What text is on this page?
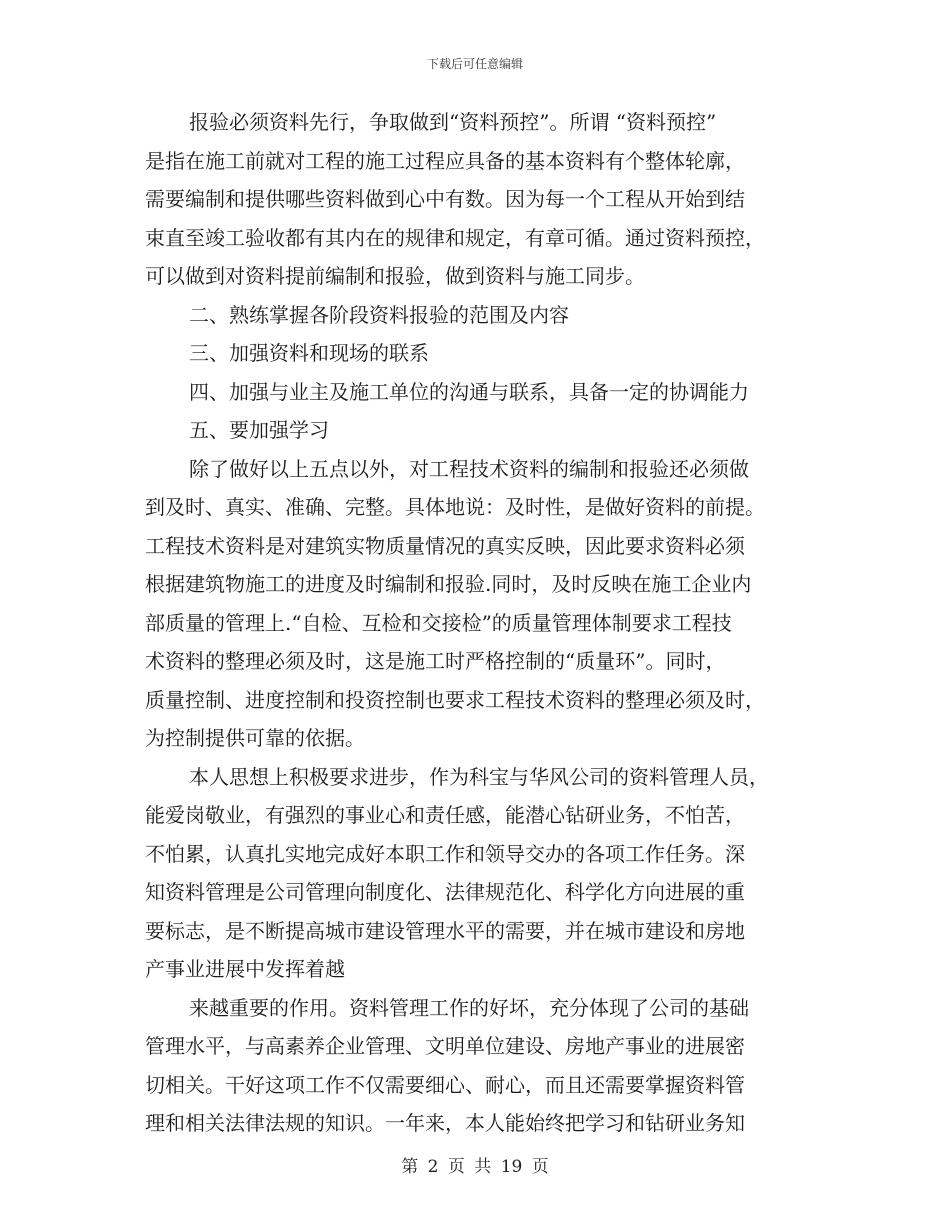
下载后可任意编辑
报验必须资料先行，争取做到“资料预控”。所谓 “资料预控”
是指在施工前就对工程的施工过程应具备的基本资料有个整体轮廓，
需要编制和提供哪些资料做到心中有数。因为每一个工程从开始到结
束直至竣工验收都有其内在的规律和规定，有章可循。通过资料预控，
可以做到对资料提前编制和报验，做到资料与施工同步。
二、熟练掌握各阶段资料报验的范围及内容
三、加强资料和现场的联系
四、加强与业主及施工单位的沟通与联系，具备一定的协调能力
五、要加强学习
除了做好以上五点以外，对工程技术资料的编制和报验还必须做
到及时、真实、准确、完整。具体地说：及时性，是做好资料的前提。
工程技术资料是对建筑实物质量情况的真实反映，因此要求资料必须
根据建筑物施工的进度及时编制和报验.同时，及时反映在施工企业内
部质量的管理上.“自检、互检和交接检”的质量管理体制要求工程技
术资料的整理必须及时，这是施工时严格控制的“质量环”。同时，
质量控制、进度控制和投资控制也要求工程技术资料的整理必须及时，
为控制提供可靠的依据。
本人思想上积极要求进步，作为科宝与华风公司的资料管理人员，
能爱岗敬业，有强烈的事业心和责任感，能潜心钻研业务，不怕苦，
不怕累，认真扎实地完成好本职工作和领导交办的各项工作任务。深
知资料管理是公司管理向制度化、法律规范化、科学化方向进展的重
要标志，是不断提高城市建设管理水平的需要，并在城市建设和房地
产事业进展中发挥着越
来越重要的作用。资料管理工作的好坏，充分体现了公司的基础
管理水平，与高素养企业管理、文明单位建设、房地产事业的进展密
切相关。干好这项工作不仅需要细心、耐心，而且还需要掌握资料管
理和相关法律法规的知识。一年来，本人能始终把学习和钻研业务知
第 2 页 共 19 页
